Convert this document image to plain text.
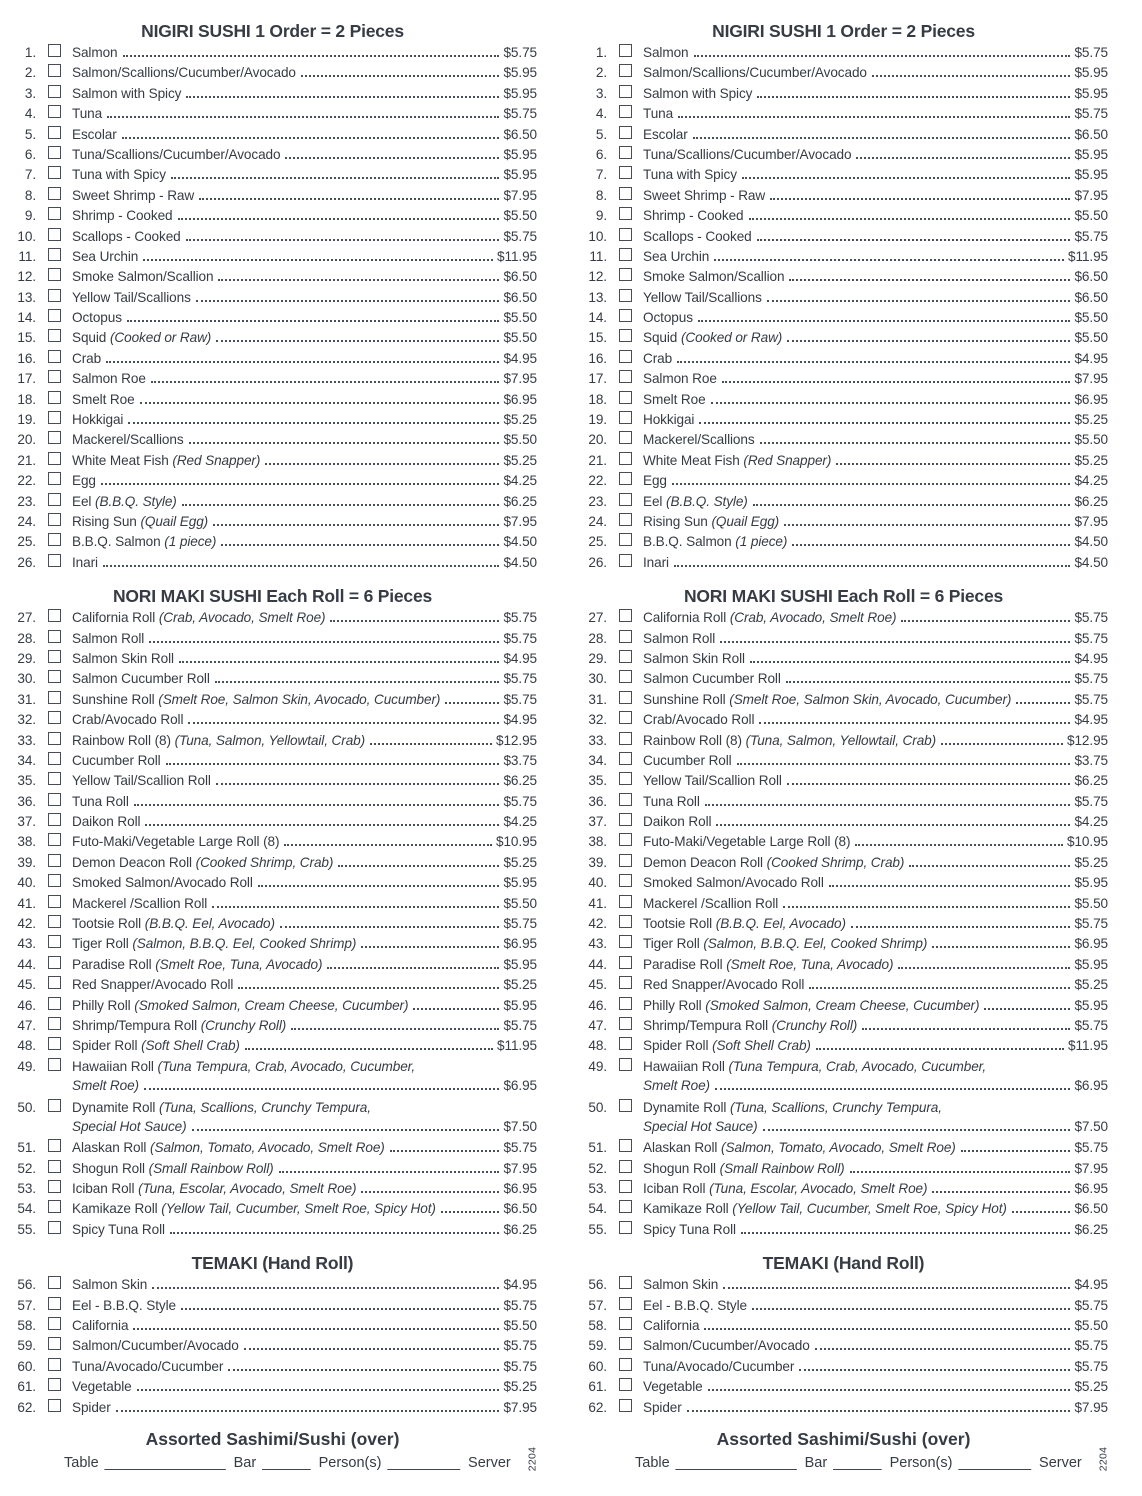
NIGIRI SUSHI 1 Order = 2 Pieces
1.	Salmon	$5.75
2.	Salmon/Scallions/Cucumber/Avocado	$5.95
3.	Salmon with Spicy	$5.95
4.	Tuna	$5.75
5.	Escolar	$6.50
6.	Tuna/Scallions/Cucumber/Avocado	$5.95
7.	Tuna with Spicy	$5.95
8.	Sweet Shrimp - Raw	$7.95
9.	Shrimp - Cooked	$5.50
10.	Scallops - Cooked	$5.75
11.	Sea Urchin	$11.95
12.	Smoke Salmon/Scallion	$6.50
13.	Yellow Tail/Scallions	$6.50
14.	Octopus	$5.50
15.	Squid (Cooked or Raw)	$5.50
16.	Crab	$4.95
17.	Salmon Roe	$7.95
18.	Smelt Roe	$6.95
19.	Hokkigai	$5.25
20.	Mackerel/Scallions	$5.50
21.	White Meat Fish (Red Snapper)	$5.25
22.	Egg	$4.25
23.	Eel (B.B.Q. Style)	$6.25
24.	Rising Sun (Quail Egg)	$7.95
25.	B.B.Q. Salmon (1 piece)	$4.50
26.	Inari	$4.50
NORI MAKI SUSHI Each Roll = 6 Pieces
27.	California Roll (Crab, Avocado, Smelt Roe)	$5.75
28.	Salmon Roll	$5.75
29.	Salmon Skin Roll	$4.95
30.	Salmon Cucumber Roll	$5.75
31.	Sunshine Roll (Smelt Roe, Salmon Skin, Avocado, Cucumber)	$5.75
32.	Crab/Avocado Roll	$4.95
33.	Rainbow Roll (8) (Tuna, Salmon, Yellowtail, Crab)	$12.95
34.	Cucumber Roll	$3.75
35.	Yellow Tail/Scallion Roll	$6.25
36.	Tuna Roll	$5.75
37.	Daikon Roll	$4.25
38.	Futo-Maki/Vegetable Large Roll (8)	$10.95
39.	Demon Deacon Roll (Cooked Shrimp, Crab)	$5.25
40.	Smoked Salmon/Avocado Roll	$5.95
41.	Mackerel /Scallion Roll	$5.50
42.	Tootsie Roll (B.B.Q. Eel, Avocado)	$5.75
43.	Tiger Roll (Salmon, B.B.Q. Eel, Cooked Shrimp)	$6.95
44.	Paradise Roll (Smelt Roe, Tuna, Avocado)	$5.95
45.	Red Snapper/Avocado Roll	$5.25
46.	Philly Roll (Smoked Salmon, Cream Cheese, Cucumber)	$5.95
47.	Shrimp/Tempura Roll (Crunchy Roll)	$5.75
48.	Spider Roll (Soft Shell Crab)	$11.95
49.	Hawaiian Roll (Tuna Tempura, Crab, Avocado, Cucumber,
Smelt Roe)	$6.95
50.	Dynamite Roll (Tuna, Scallions, Crunchy Tempura,
Special Hot Sauce)	$7.50
51.	Alaskan Roll (Salmon, Tomato, Avocado, Smelt Roe)	$5.75
52.	Shogun Roll (Small Rainbow Roll)	$7.95
53.	Iciban Roll (Tuna, Escolar, Avocado, Smelt Roe)	$6.95
54.	Kamikaze Roll (Yellow Tail, Cucumber, Smelt Roe, Spicy Hot)	$6.50
55.	Spicy Tuna Roll	$6.25
TEMAKI (Hand Roll)
56.	Salmon Skin	$4.95
57.	Eel - B.B.Q. Style	$5.75
58.	California	$5.50
59.	Salmon/Cucumber/Avocado	$5.75
60.	Tuna/Avocado/Cucumber	$5.75
61.	Vegetable	$5.25
62.	Spider	$7.95
Assorted Sashimi/Sushi (over)
Table _______________ Bar ______ Person(s) _________ Server	2204
NIGIRI SUSHI 1 Order = 2 Pieces
1.	Salmon	$5.75
2.	Salmon/Scallions/Cucumber/Avocado	$5.95
3.	Salmon with Spicy	$5.95
4.	Tuna	$5.75
5.	Escolar	$6.50
6.	Tuna/Scallions/Cucumber/Avocado	$5.95
7.	Tuna with Spicy	$5.95
8.	Sweet Shrimp - Raw	$7.95
9.	Shrimp - Cooked	$5.50
10.	Scallops - Cooked	$5.75
11.	Sea Urchin	$11.95
12.	Smoke Salmon/Scallion	$6.50
13.	Yellow Tail/Scallions	$6.50
14.	Octopus	$5.50
15.	Squid (Cooked or Raw)	$5.50
16.	Crab	$4.95
17.	Salmon Roe	$7.95
18.	Smelt Roe	$6.95
19.	Hokkigai	$5.25
20.	Mackerel/Scallions	$5.50
21.	White Meat Fish (Red Snapper)	$5.25
22.	Egg	$4.25
23.	Eel (B.B.Q. Style)	$6.25
24.	Rising Sun (Quail Egg)	$7.95
25.	B.B.Q. Salmon (1 piece)	$4.50
26.	Inari	$4.50
NORI MAKI SUSHI Each Roll = 6 Pieces
27.	California Roll (Crab, Avocado, Smelt Roe)	$5.75
28.	Salmon Roll	$5.75
29.	Salmon Skin Roll	$4.95
30.	Salmon Cucumber Roll	$5.75
31.	Sunshine Roll (Smelt Roe, Salmon Skin, Avocado, Cucumber)	$5.75
32.	Crab/Avocado Roll	$4.95
33.	Rainbow Roll (8) (Tuna, Salmon, Yellowtail, Crab)	$12.95
34.	Cucumber Roll	$3.75
35.	Yellow Tail/Scallion Roll	$6.25
36.	Tuna Roll	$5.75
37.	Daikon Roll	$4.25
38.	Futo-Maki/Vegetable Large Roll (8)	$10.95
39.	Demon Deacon Roll (Cooked Shrimp, Crab)	$5.25
40.	Smoked Salmon/Avocado Roll	$5.95
41.	Mackerel /Scallion Roll	$5.50
42.	Tootsie Roll (B.B.Q. Eel, Avocado)	$5.75
43.	Tiger Roll (Salmon, B.B.Q. Eel, Cooked Shrimp)	$6.95
44.	Paradise Roll (Smelt Roe, Tuna, Avocado)	$5.95
45.	Red Snapper/Avocado Roll	$5.25
46.	Philly Roll (Smoked Salmon, Cream Cheese, Cucumber)	$5.95
47.	Shrimp/Tempura Roll (Crunchy Roll)	$5.75
48.	Spider Roll (Soft Shell Crab)	$11.95
49.	Hawaiian Roll (Tuna Tempura, Crab, Avocado, Cucumber,
Smelt Roe)	$6.95
50.	Dynamite Roll (Tuna, Scallions, Crunchy Tempura,
Special Hot Sauce)	$7.50
51.	Alaskan Roll (Salmon, Tomato, Avocado, Smelt Roe)	$5.75
52.	Shogun Roll (Small Rainbow Roll)	$7.95
53.	Iciban Roll (Tuna, Escolar, Avocado, Smelt Roe)	$6.95
54.	Kamikaze Roll (Yellow Tail, Cucumber, Smelt Roe, Spicy Hot)	$6.50
55.	Spicy Tuna Roll	$6.25
TEMAKI (Hand Roll)
56.	Salmon Skin	$4.95
57.	Eel - B.B.Q. Style	$5.75
58.	California	$5.50
59.	Salmon/Cucumber/Avocado	$5.75
60.	Tuna/Avocado/Cucumber	$5.75
61.	Vegetable	$5.25
62.	Spider	$7.95
Assorted Sashimi/Sushi (over)
Table _______________ Bar ______ Person(s) _________ Server	2204
